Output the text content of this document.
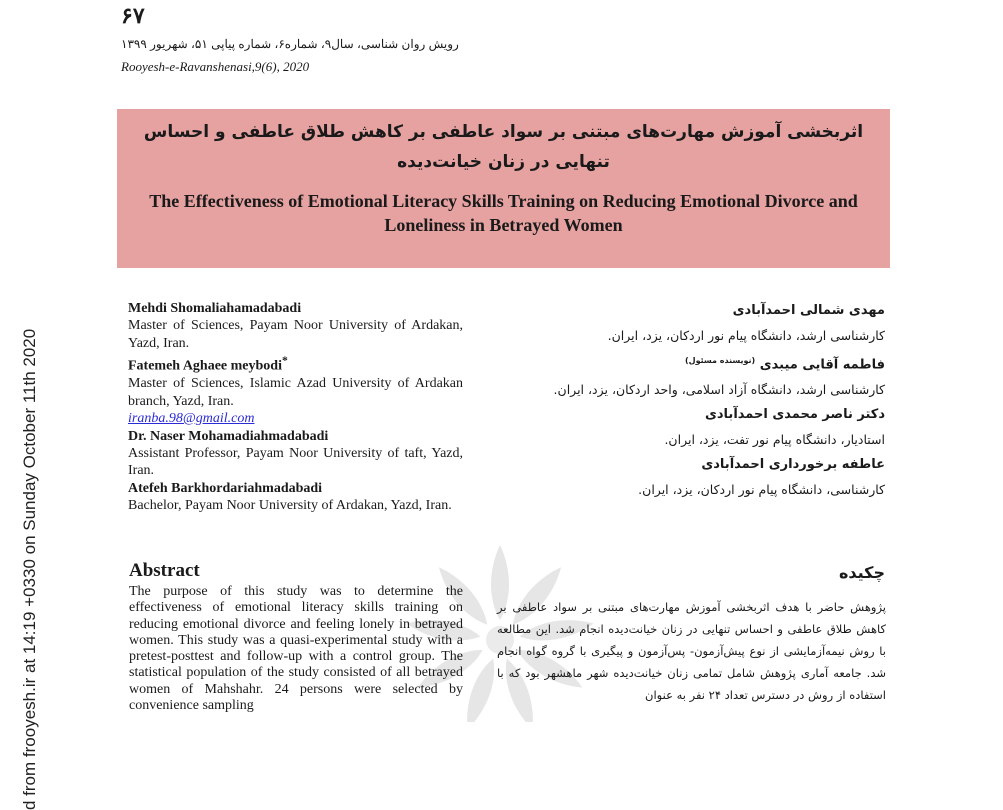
d from frooyesh.ir at 14:19 +0330 on Sunday October 11th 2020
۶۷
رویش روان شناسی، سال۹، شماره۶، شماره پیاپی ۵۱، شهریور ۱۳۹۹
Rooyesh-e-Ravanshenasi,9(6), 2020
اثربخشی آموزش مهارت‌های مبتنی بر سواد عاطفی بر کاهش طلاق عاطفی و احساس تنهایی در زنان خیانت‌دیده
The Effectiveness of Emotional Literacy Skills Training on Reducing Emotional Divorce and Loneliness in Betrayed Women
Mehdi Shomaliahamadabadi
Master of Sciences, Payam Noor University of Ardakan, Yazd, Iran.
Fatemeh Aghaee meybodi*
Master of Sciences, Islamic Azad University of Ardakan branch, Yazd, Iran.
iranba.98@gmail.com
Dr. Naser Mohamadiahmadabadi
Assistant Professor, Payam Noor University of taft, Yazd, Iran.
Atefeh Barkhordariahmadabadi
Bachelor, Payam Noor University of Ardakan, Yazd, Iran.
مهدی شمالی احمدآبادی
کارشناسی ارشد، دانشگاه پیام نور اردکان، یزد، ایران.
فاطمه آقایی میبدی $^{(نویسنده مسئول)}$
کارشناسی ارشد، دانشگاه آزاد اسلامی، واحد اردکان، یزد، ایران.
دکتر ناصر محمدی احمدآبادی
استادیار، دانشگاه پیام نور تفت، یزد، ایران.
عاطفه برخورداری احمدآبادی
کارشناسی، دانشگاه پیام نور اردکان، یزد، ایران.
Abstract
The purpose of this study was to determine the effectiveness of emotional literacy skills training on reducing emotional divorce and feeling lonely in betrayed women. This study was a quasi-experimental study with a pretest-posttest and follow-up with a control group. The statistical population of the study consisted of all betrayed women of Mahshahr. 24 persons were selected by convenience sampling
چکیده
پژوهش حاضر با هدف اثربخشی آموزش مهارت‌های مبتنی بر سواد عاطفی بر کاهش طلاق عاطفی و احساس تنهایی در زنان خیانت‌دیده انجام شد. این مطالعه با روش نیمه‌آزمایشی از نوع پیش‌آزمون- پس‌آزمون و پیگیری با گروه گواه انجام شد. جامعه آماری پژوهش شامل تمامی زنان خیانت‌دیده شهر ماهشهر بود که با استفاده از روش در دسترس تعداد ۲۴ نفر به عنوان
